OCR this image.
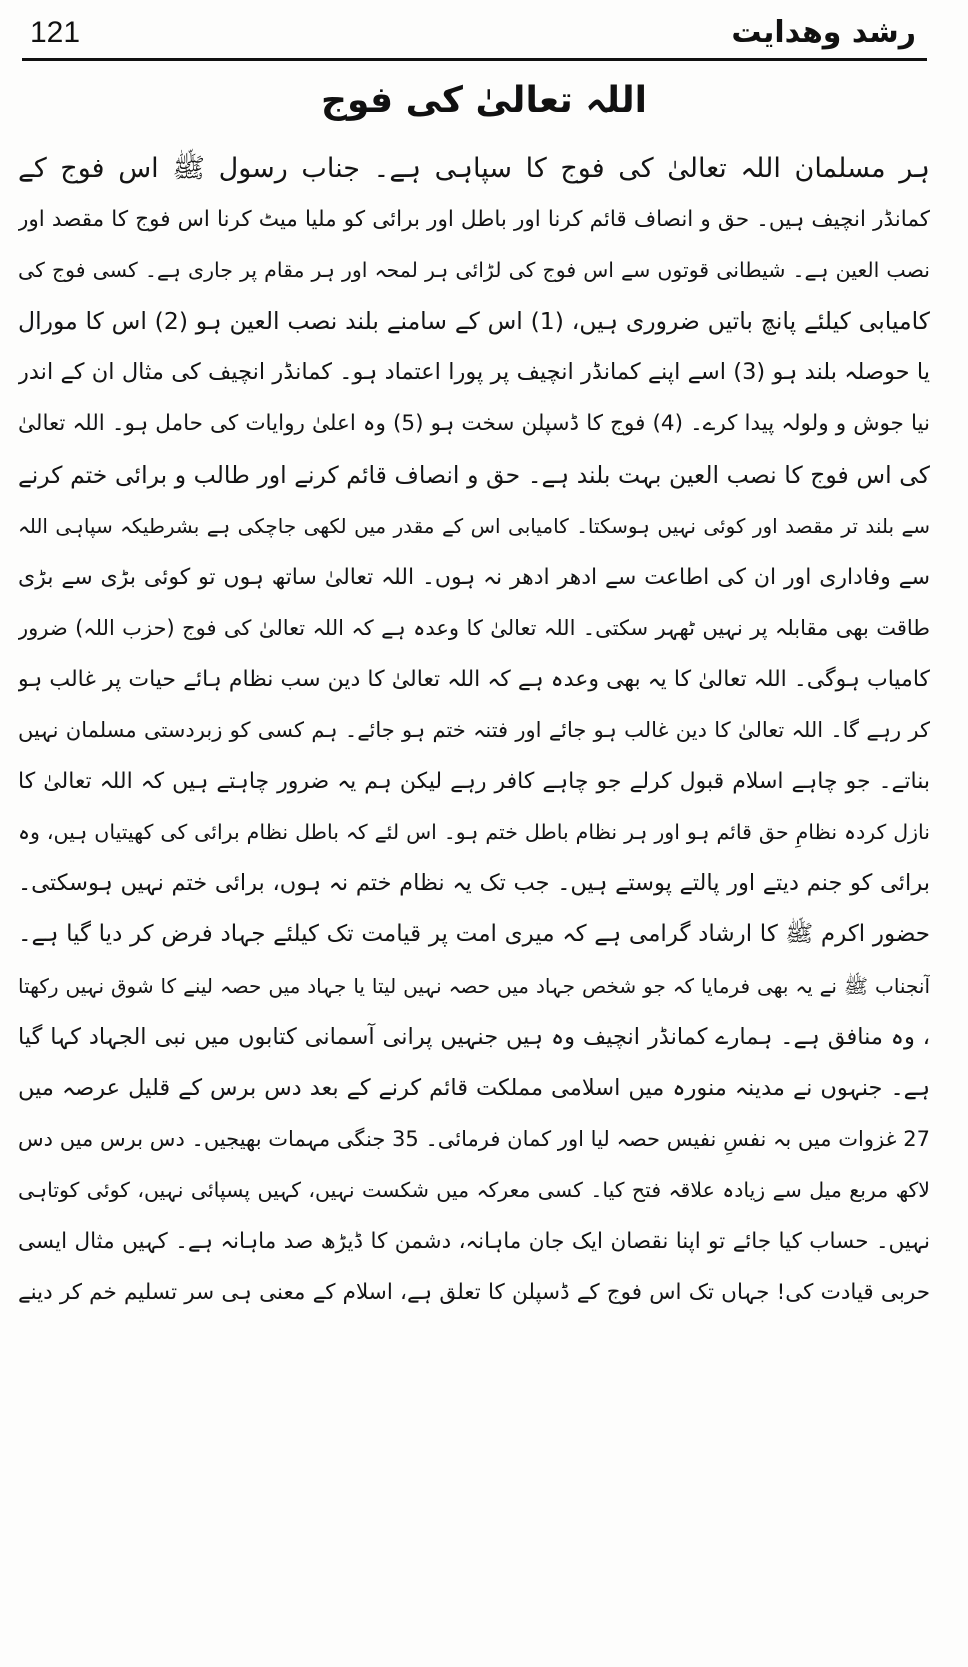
121	رشد وهدایت
اللہ تعالیٰ کی فوج
ہر مسلمان اللہ تعالیٰ کی فوج کا سپاہی ہے۔ جناب رسول ﷺ اس فوج کے
کمانڈر انچیف ہیں۔ حق و انصاف قائم کرنا اور باطل اور برائی کو ملیا میٹ کرنا اس فوج کا مقصد اور
نصب العین ہے۔ شیطانی قوتوں سے اس فوج کی لڑائی ہر لمحہ اور ہر مقام پر جاری ہے۔ کسی فوج کی
کامیابی کیلئے پانچ باتیں ضروری ہیں، (1) اس کے سامنے بلند نصب العین ہو (2) اس کا مورال
یا حوصلہ بلند ہو (3) اسے اپنے کمانڈر انچیف پر پورا اعتماد ہو۔ کمانڈر انچیف کی مثال ان کے اندر
نیا جوش و ولولہ پیدا کرے۔ (4) فوج کا ڈسپلن سخت ہو (5) وہ اعلیٰ روایات کی حامل ہو۔ اللہ تعالیٰ
کی اس فوج کا نصب العین بہت بلند ہے۔ حق و انصاف قائم کرنے اور طالب و برائی ختم کرنے
سے بلند تر مقصد اور کوئی نہیں ہوسکتا۔ کامیابی اس کے مقدر میں لکھی جاچکی ہے بشرطیکہ سپاہی اللہ
سے وفاداری اور ان کی اطاعت سے ادھر ادھر نہ ہوں۔ اللہ تعالیٰ ساتھ ہوں تو کوئی بڑی سے بڑی
طاقت بھی مقابلہ پر نہیں ٹھہر سکتی۔ اللہ تعالیٰ کا وعدہ ہے کہ اللہ تعالیٰ کی فوج (حزب اللہ) ضرور
کامیاب ہوگی۔ اللہ تعالیٰ کا یہ بھی وعدہ ہے کہ اللہ تعالیٰ کا دین سب نظام ہائے حیات پر غالب ہو
کر رہے گا۔ اللہ تعالیٰ کا دین غالب ہو جائے اور فتنہ ختم ہو جائے۔ ہم کسی کو زبردستی مسلمان نہیں
بناتے۔ جو چاہے اسلام قبول کرلے جو چاہے کافر رہے لیکن ہم یہ ضرور چاہتے ہیں کہ اللہ تعالیٰ کا
نازل کردہ نظامِ حق قائم ہو اور ہر نظام باطل ختم ہو۔ اس لئے کہ باطل نظام برائی کی کھیتیاں ہیں، وہ
برائی کو جنم دیتے اور پالتے پوستے ہیں۔ جب تک یہ نظام ختم نہ ہوں، برائی ختم نہیں ہوسکتی۔
حضور اکرم ﷺ کا ارشاد گرامی ہے کہ میری امت پر قیامت تک کیلئے جہاد فرض کر دیا گیا ہے۔
آنجناب ﷺ نے یہ بھی فرمایا کہ جو شخص جہاد میں حصہ نہیں لیتا یا جہاد میں حصہ لینے کا شوق نہیں رکھتا
، وہ منافق ہے۔ ہمارے کمانڈر انچیف وہ ہیں جنہیں پرانی آسمانی کتابوں میں نبی الجہاد کہا گیا
ہے۔ جنہوں نے مدینہ منورہ میں اسلامی مملکت قائم کرنے کے بعد دس برس کے قلیل عرصہ میں
27 غزوات میں بہ نفسِ نفیس حصہ لیا اور کمان فرمائی۔ 35 جنگی مہمات بھیجیں۔ دس برس میں دس
لاکھ مربع میل سے زیادہ علاقہ فتح کیا۔ کسی معرکہ میں شکست نہیں، کہیں پسپائی نہیں، کوئی کوتاہی
نہیں۔ حساب کیا جائے تو اپنا نقصان ایک جان ماہانہ، دشمن کا ڈیڑھ صد ماہانہ ہے۔ کہیں مثال ایسی
حربی قیادت کی! جہاں تک اس فوج کے ڈسپلن کا تعلق ہے، اسلام کے معنی ہی سر تسلیم خم کر دینے
